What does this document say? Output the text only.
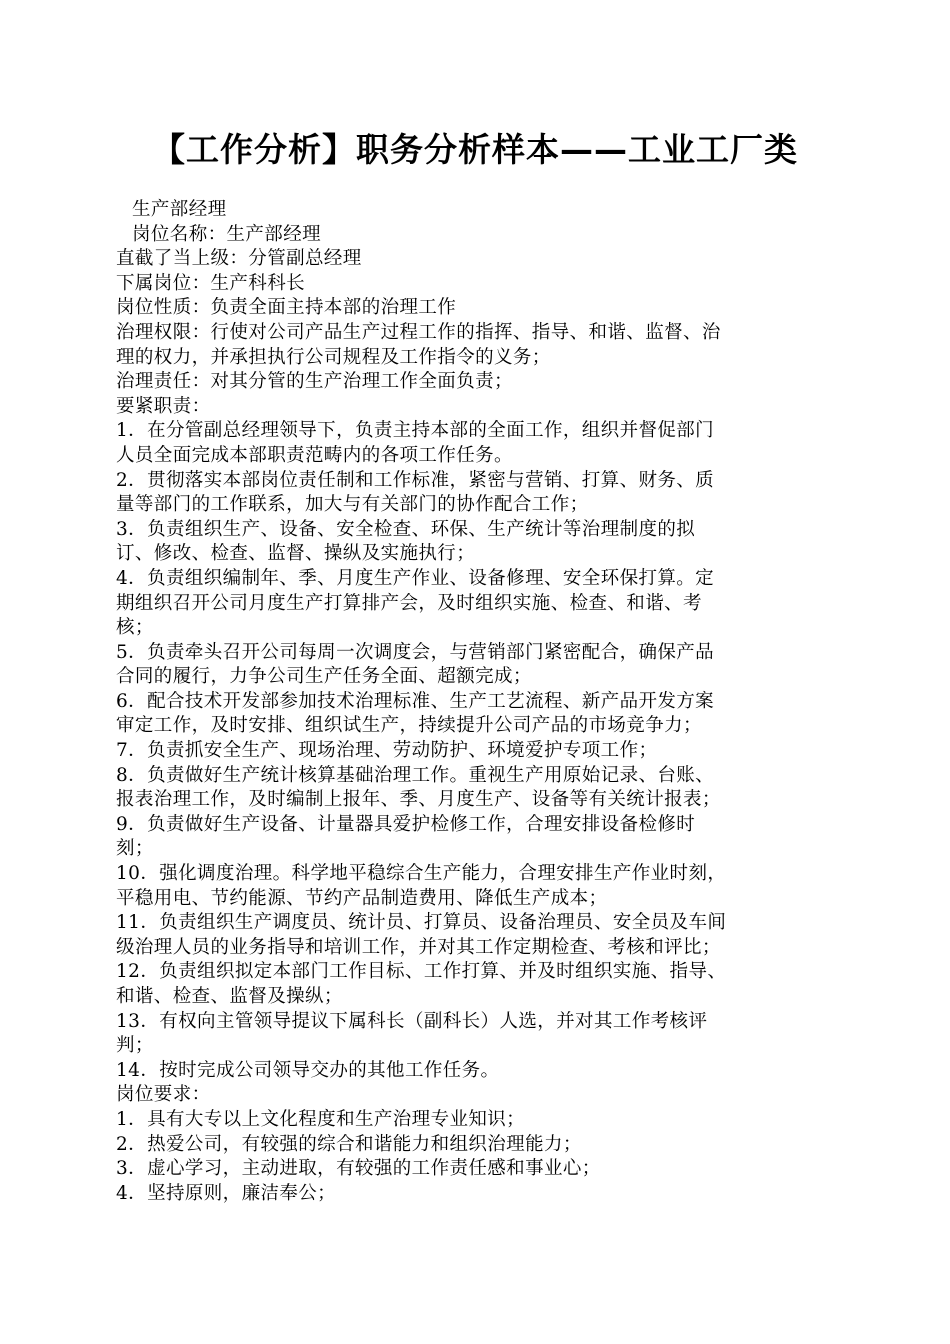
【工作分析】职务分析样本——工业工厂类
生产部经理
岗位名称：生产部经理
直截了当上级：分管副总经理
下属岗位：生产科科长
岗位性质：负责全面主持本部的治理工作
治理权限：行使对公司产品生产过程工作的指挥、指导、和谐、监督、治
理的权力，并承担执行公司规程及工作指令的义务；
治理责任：对其分管的生产治理工作全面负责；
要紧职责：
1．在分管副总经理领导下，负责主持本部的全面工作，组织并督促部门
人员全面完成本部职责范畴内的各项工作任务。
2．贯彻落实本部岗位责任制和工作标准，紧密与营销、打算、财务、质
量等部门的工作联系，加大与有关部门的协作配合工作；
3．负责组织生产、设备、安全检查、环保、生产统计等治理制度的拟
订、修改、检查、监督、操纵及实施执行；
4．负责组织编制年、季、月度生产作业、设备修理、安全环保打算。定
期组织召开公司月度生产打算排产会，及时组织实施、检查、和谐、考
核；
5．负责牵头召开公司每周一次调度会，与营销部门紧密配合，确保产品
合同的履行，力争公司生产任务全面、超额完成；
6．配合技术开发部参加技术治理标准、生产工艺流程、新产品开发方案
审定工作，及时安排、组织试生产，持续提升公司产品的市场竞争力；
7．负责抓安全生产、现场治理、劳动防护、环境爱护专项工作；
8．负责做好生产统计核算基础治理工作。重视生产用原始记录、台账、
报表治理工作，及时编制上报年、季、月度生产、设备等有关统计报表；
9．负责做好生产设备、计量器具爱护检修工作，合理安排设备检修时
刻；
10．强化调度治理。科学地平稳综合生产能力，合理安排生产作业时刻，
平稳用电、节约能源、节约产品制造费用、降低生产成本；
11．负责组织生产调度员、统计员、打算员、设备治理员、安全员及车间
级治理人员的业务指导和培训工作，并对其工作定期检查、考核和评比；
12．负责组织拟定本部门工作目标、工作打算、并及时组织实施、指导、
和谐、检查、监督及操纵；
13．有权向主管领导提议下属科长（副科长）人选，并对其工作考核评
判；
14．按时完成公司领导交办的其他工作任务。
岗位要求：
1．具有大专以上文化程度和生产治理专业知识；
2．热爱公司，有较强的综合和谐能力和组织治理能力；
3．虚心学习，主动进取，有较强的工作责任感和事业心；
4．坚持原则，廉洁奉公；
